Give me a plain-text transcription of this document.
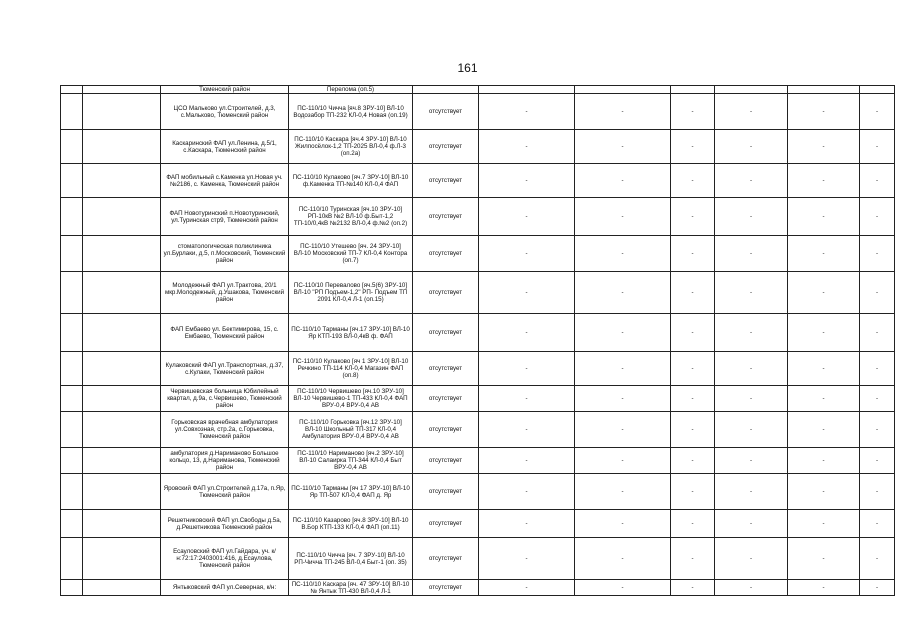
161
		Тюменский район	Перелома (оп.5)							
		ЦСО Мальково ул.Строителей, д.3, с.Мальково, Тюменский район	ПС-110/10 Чичча [яч.8 ЗРУ-10] ВЛ-10 Водозабор ТП-232 КЛ-0,4 Новая (оп.19)	отсутствует	-	-	-	-	-	-
		Каскаринский ФАП ул.Ленина, д.5/1, с.Каскара, Тюменский район	ПС-110/10 Каскара [яч.4 ЗРУ-10] ВЛ-10 Жилпосёлок-1,2 ТП-2025 ВЛ-0,4 ф.Л-3 (оп.2а)	отсутствует	-	-	-	-	-	-
		ФАП мобильный с.Каменка ул.Новая уч.№2186, с. Каменка, Тюменский район	ПС-110/10 Кулаково [яч.7 ЗРУ-10] ВЛ-10 ф.Каменка ТП-№140 КЛ-0,4 ФАП	отсутствует	-	-	-	-	-	-
		ФАП Новотуринский п.Новотуринский, ул.Туринская стр9, Тюменский район	ПС-110/10 Туринская [яч.10 ЗРУ-10] РП-10кВ №2 ВЛ-10 ф.Быт-1,2 ТП-10/0,4кВ №2132 ВЛ-0,4 ф.№2 (оп.2)	отсутствует	-	-	-	-	-	-
		стоматологическая поликлиника ул.Бурлаки, д.5, п.Московский, Тюменский район	ПС-110/10 Утешево [яч. 24 ЗРУ-10] ВЛ-10 Московский ТП-7 КЛ-0,4 Контора (оп.7)	отсутствует	-	-	-	-	-	-
		Молодежный ФАП ул.Трактова, 20/1 мкр.Молодежный, д.Ушакова, Тюменский район	ПС-110/10 Перевалово [яч.5(6) ЗРУ-10] ВЛ-10 "РП Подъем-1,2" РП- Подъем ТП 2091 КЛ-0,4 Л-1 (оп.15)	отсутствует	-	-	-	-	-	-
		ФАП Ембаево ул. Бектимирова, 15, с. Ембаево, Тюменский район	ПС-110/10 Тарманы [яч.17 ЗРУ-10] ВЛ-10 Яр КТП-193 ВЛ-0,4кВ ф. ФАП	отсутствует	-	-	-	-	-	-
		Кулаковский ФАП ул.Транспортная, д.37, с.Кулаки, Тюменский район	ПС-110/10 Кулаково [яч 1 ЗРУ-10] ВЛ-10 Речкино ТП-114 КЛ-0,4 Магазин ФАП (оп.8)	отсутствует	-	-	-	-	-	-
		Червишевская больница Юбилейный квартал, д.9а, с.Червишево, Тюменский район	ПС-110/10 Червишево [яч.10 ЗРУ-10] ВЛ-10 Червишево-1 ТП-433 КЛ-0,4 ФАП ВРУ-0,4 ВРУ-0,4 АВ	отсутствует	-	-	-	-	-	-
		Горьковская врачебная амбулатория ул.Совхозная, стр.2а, с.Горьковка, Тюменский район	ПС-110/10 Горьковка [яч.12 ЗРУ-10] ВЛ-10 Школьный ТП-317 КЛ-0,4 Амбулатория ВРУ-0,4 ВРУ-0,4 АВ	отсутствует	-	-	-	-	-	-
		амбулатория д.Нариманово Большое кольцо, 13, д.Нариманова, Тюменский район	ПС-110/10 Нариманово [яч.2 ЗРУ-10] ВЛ-10 Салаирка ТП-344 КЛ-0,4 Быт ВРУ-0,4 АВ	отсутствует	-	-	-	-	-	-
		Яровский ФАП ул.Строителей д.17а, п.Яр, Тюменский район	ПС-110/10 Тарманы [яч 17 ЗРУ-10] ВЛ-10 Яр ТП-507 КЛ-0,4 ФАП д. Яр	отсутствует	-	-	-	-	-	-
		Решетниковский ФАП ул.Свободы д.5а, д.Решетникова Тюменский район	ПС-110/10 Казарово [яч.8 ЗРУ-10] ВЛ-10 В.Бор КТП-133 КЛ-0,4 ФАП (оп.11)	отсутствует	-	-	-	-	-	-
		Есауловский ФАП ул.Гайдара, уч. к/н:72:17:2403001:416, д.Есаулова, Тюменский район	ПС-110/10 Чичча [яч. 7 ЗРУ-10] ВЛ-10 РП-Чичча ТП-245 ВЛ-0,4 Быт-1 (оп. 35)	отсутствует	-	-	-	-	-	-
		Янтыковский ФАП ул.Северная, к/н:	ПС-110/10 Каскара [яч. 47 ЗРУ-10] ВЛ-10 № Янтык ТП-430 ВЛ-0,4 Л-1	отсутствует	-	-	-	-	-	-
